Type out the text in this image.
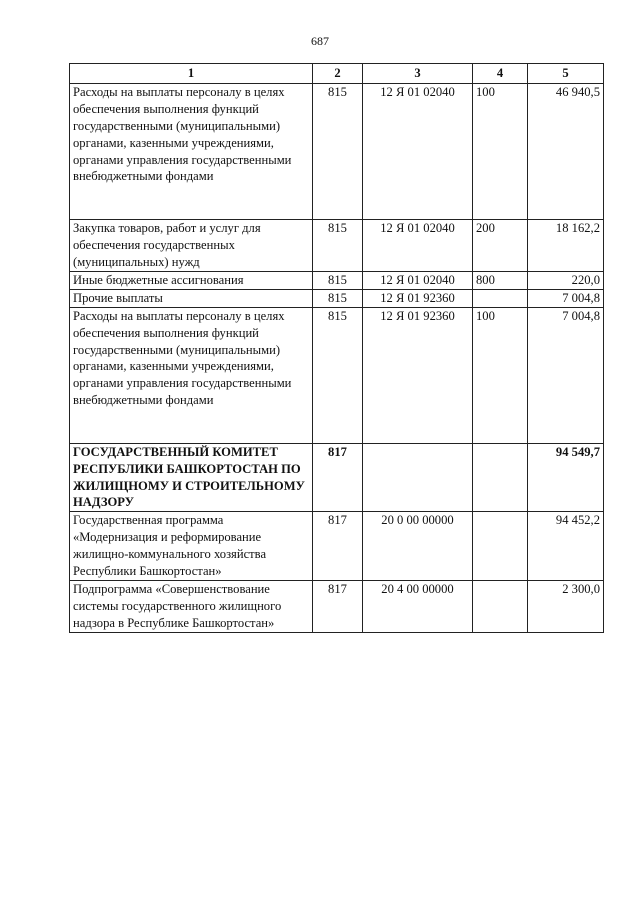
687
1	2	3	4	5
Расходы на выплаты персоналу в целях обеспечения выполнения функций государственными (муниципальными) органами, казенными учреждениями, органами управления государственными внебюджетными фондами	815	12 Я 01 02040	100	46 940,5
Закупка товаров, работ и услуг для обеспечения государственных (муниципальных) нужд	815	12 Я 01 02040	200	18 162,2
Иные бюджетные ассигнования	815	12 Я 01 02040	800	220,0
Прочие выплаты	815	12 Я 01 92360		7 004,8
Расходы на выплаты персоналу в целях обеспечения выполнения функций государственными (муниципальными) органами, казенными учреждениями, органами управления государственными внебюджетными фондами	815	12 Я 01 92360	100	7 004,8
ГОСУДАРСТВЕННЫЙ КОМИТЕТ РЕСПУБЛИКИ БАШКОРТОСТАН ПО ЖИЛИЩНОМУ И СТРОИТЕЛЬНОМУ НАДЗОРУ	817			94 549,7
Государственная программа «Модернизация и реформирование жилищно-коммунального хозяйства Республики Башкортостан»	817	20 0 00 00000		94 452,2
Подпрограмма «Совершенствование системы государственного жилищного надзора в Республике Башкортостан»	817	20 4 00 00000		2 300,0
